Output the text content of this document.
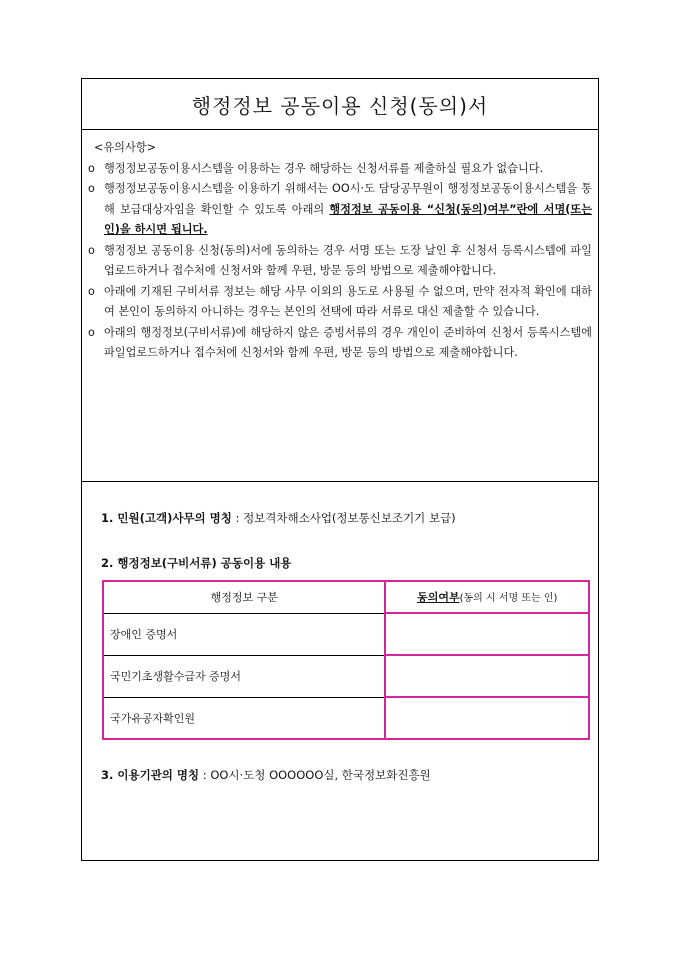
행정정보 공동이용 신청(동의)서
<유의사항>
o 행정정보공동이용시스템을 이용하는 경우 해당하는 신청서류를 제출하실 필요가 없습니다.
o 행정정보공동이용시스템을 이용하기 위해서는 OO시·도 담당공무원이 행정정보공동이용시스템을 통해 보급대상자임을 확인할 수 있도록 아래의 행정정보 공동이용 “신청(동의)여부”란에 서명(또는 인)을 하시면 됩니다.
o 행정정보 공동이용 신청(동의)서에 동의하는 경우 서명 또는 도장 날인 후 신청서 등록시스템에 파일업로드하거나 접수처에 신청서와 함께 우편, 방문 등의 방법으로 제출해야합니다.
o 아래에 기재된 구비서류 정보는 해당 사무 이외의 용도로 사용될 수 없으며, 만약 전자적 확인에 대하여 본인이 동의하지 아니하는 경우는 본인의 선택에 따라 서류로 대신 제출할 수 있습니다.
o 아래의 행정정보(구비서류)에 해당하지 않은 증빙서류의 경우 개인이 준비하여 신청서 등록시스템에 파일업로드하거나 접수처에 신청서와 함께 우편, 방문 등의 방법으로 제출해야합니다.
1. 민원(고객)사무의 명칭 : 정보격차해소사업(정보통신보조기기 보급)
2. 행정정보(구비서류) 공동이용 내용
행정정보 구분	동의여부(동의 시 서명 또는 인)
장애인 증명서	
국민기초생활수급자 증명서	
국가유공자확인원	
3. 이용기관의 명칭 : OO시·도청 OOOOOO실, 한국정보화진흥원
